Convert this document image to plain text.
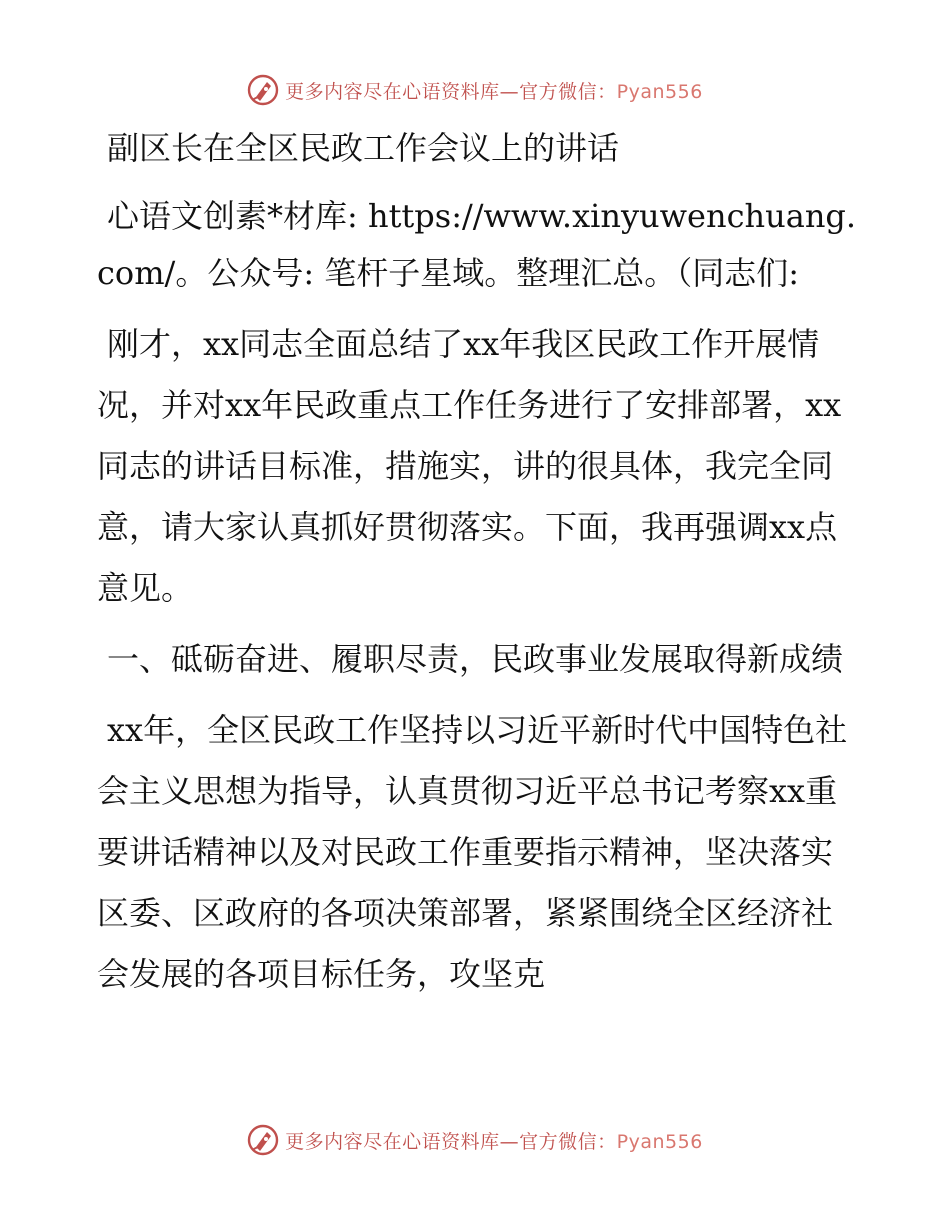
更多内容尽在心语资料库—官方微信：Pyan556

副区长在全区民政工作会议上的讲话

心语文创素*材库: https://www.xinyuwenchuang.com/。公众号: 笔杆子星域。整理汇总。（同志们:

刚才，xx同志全面总结了xx年我区民政工作开展情况，并对xx年民政重点工作任务进行了安排部署，xx同志的讲话目标准，措施实，讲的很具体，我完全同意，请大家认真抓好贯彻落实。下面，我再强调xx点意见。

一、砥砺奋进、履职尽责，民政事业发展取得新成绩

xx年，全区民政工作坚持以习近平新时代中国特色社会主义思想为指导，认真贯彻习近平总书记考察xx重要讲话精神以及对民政工作重要指示精神，坚决落实区委、区政府的各项决策部署，紧紧围绕全区经济社会发展的各项目标任务，攻坚克

更多内容尽在心语资料库—官方微信：Pyan556
